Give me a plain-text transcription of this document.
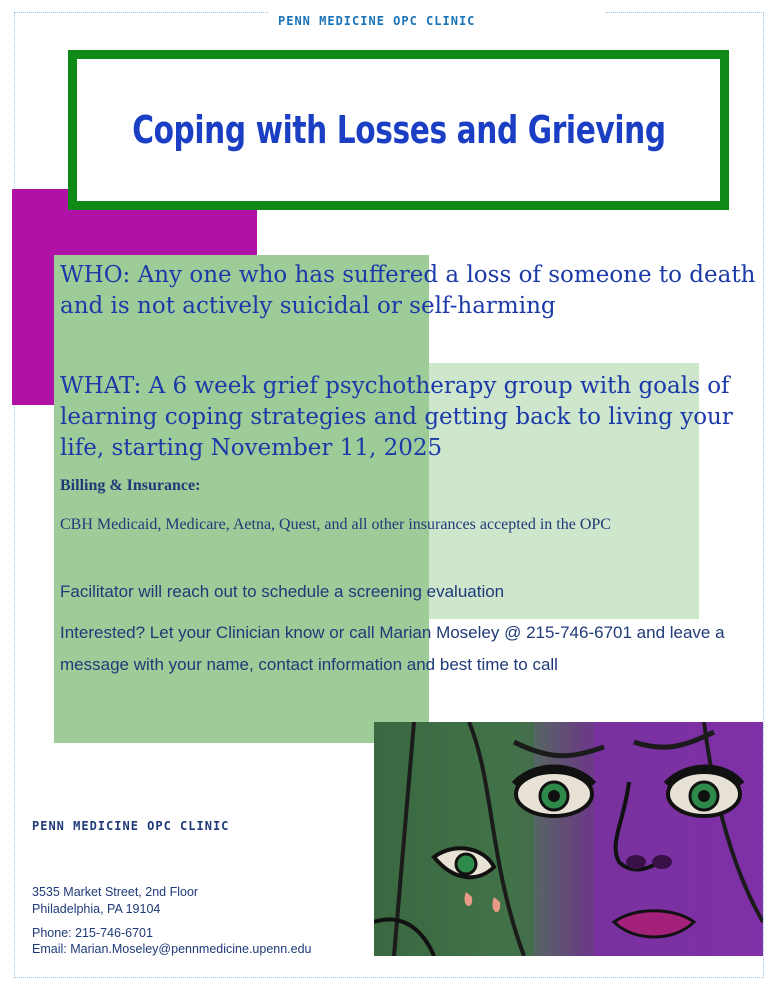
PENN MEDICINE OPC CLINIC
Coping with Losses and Grieving
WHO: Any one who has suffered a loss of someone to death and is not actively suicidal or self-harming
WHAT: A 6 week grief psychotherapy group with goals of learning coping strategies and getting back to living your life, starting November 11, 2025
Billing & Insurance:
CBH Medicaid, Medicare, Aetna, Quest, and all other insurances accepted in the OPC
Facilitator will reach out to schedule a screening evaluation
Interested? Let your Clinician know or call Marian Moseley @ 215-746-6701 and leave a message with your name, contact information and best time to call
PENN MEDICINE OPC CLINIC
3535 Market Street, 2nd Floor
Philadelphia, PA 19104
Phone: 215-746-6701
Email: Marian.Moseley@pennmedicine.upenn.edu
